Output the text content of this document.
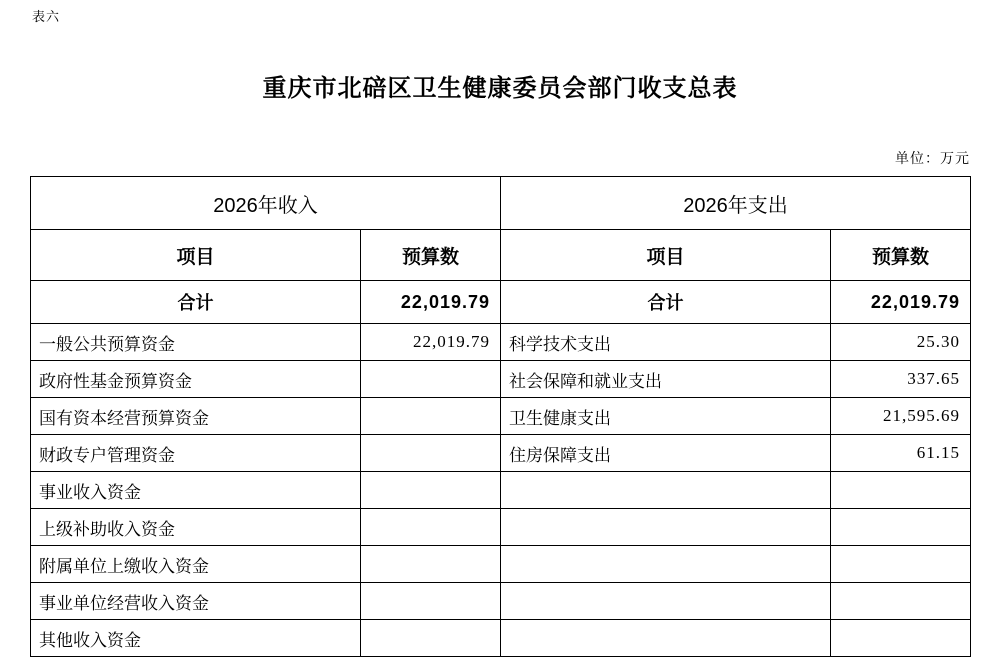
表六
重庆市北碚区卫生健康委员会部门收支总表
单位：万元
2026年收入		2026年支出	
项目	预算数	项目	预算数
合计	22,019.79	合计	22,019.79
一般公共预算资金	22,019.79	科学技术支出	25.30
政府性基金预算资金		社会保障和就业支出	337.65
国有资本经营预算资金		卫生健康支出	21,595.69
财政专户管理资金		住房保障支出	61.15
事业收入资金			
上级补助收入资金			
附属单位上缴收入资金			
事业单位经营收入资金			
其他收入资金			
